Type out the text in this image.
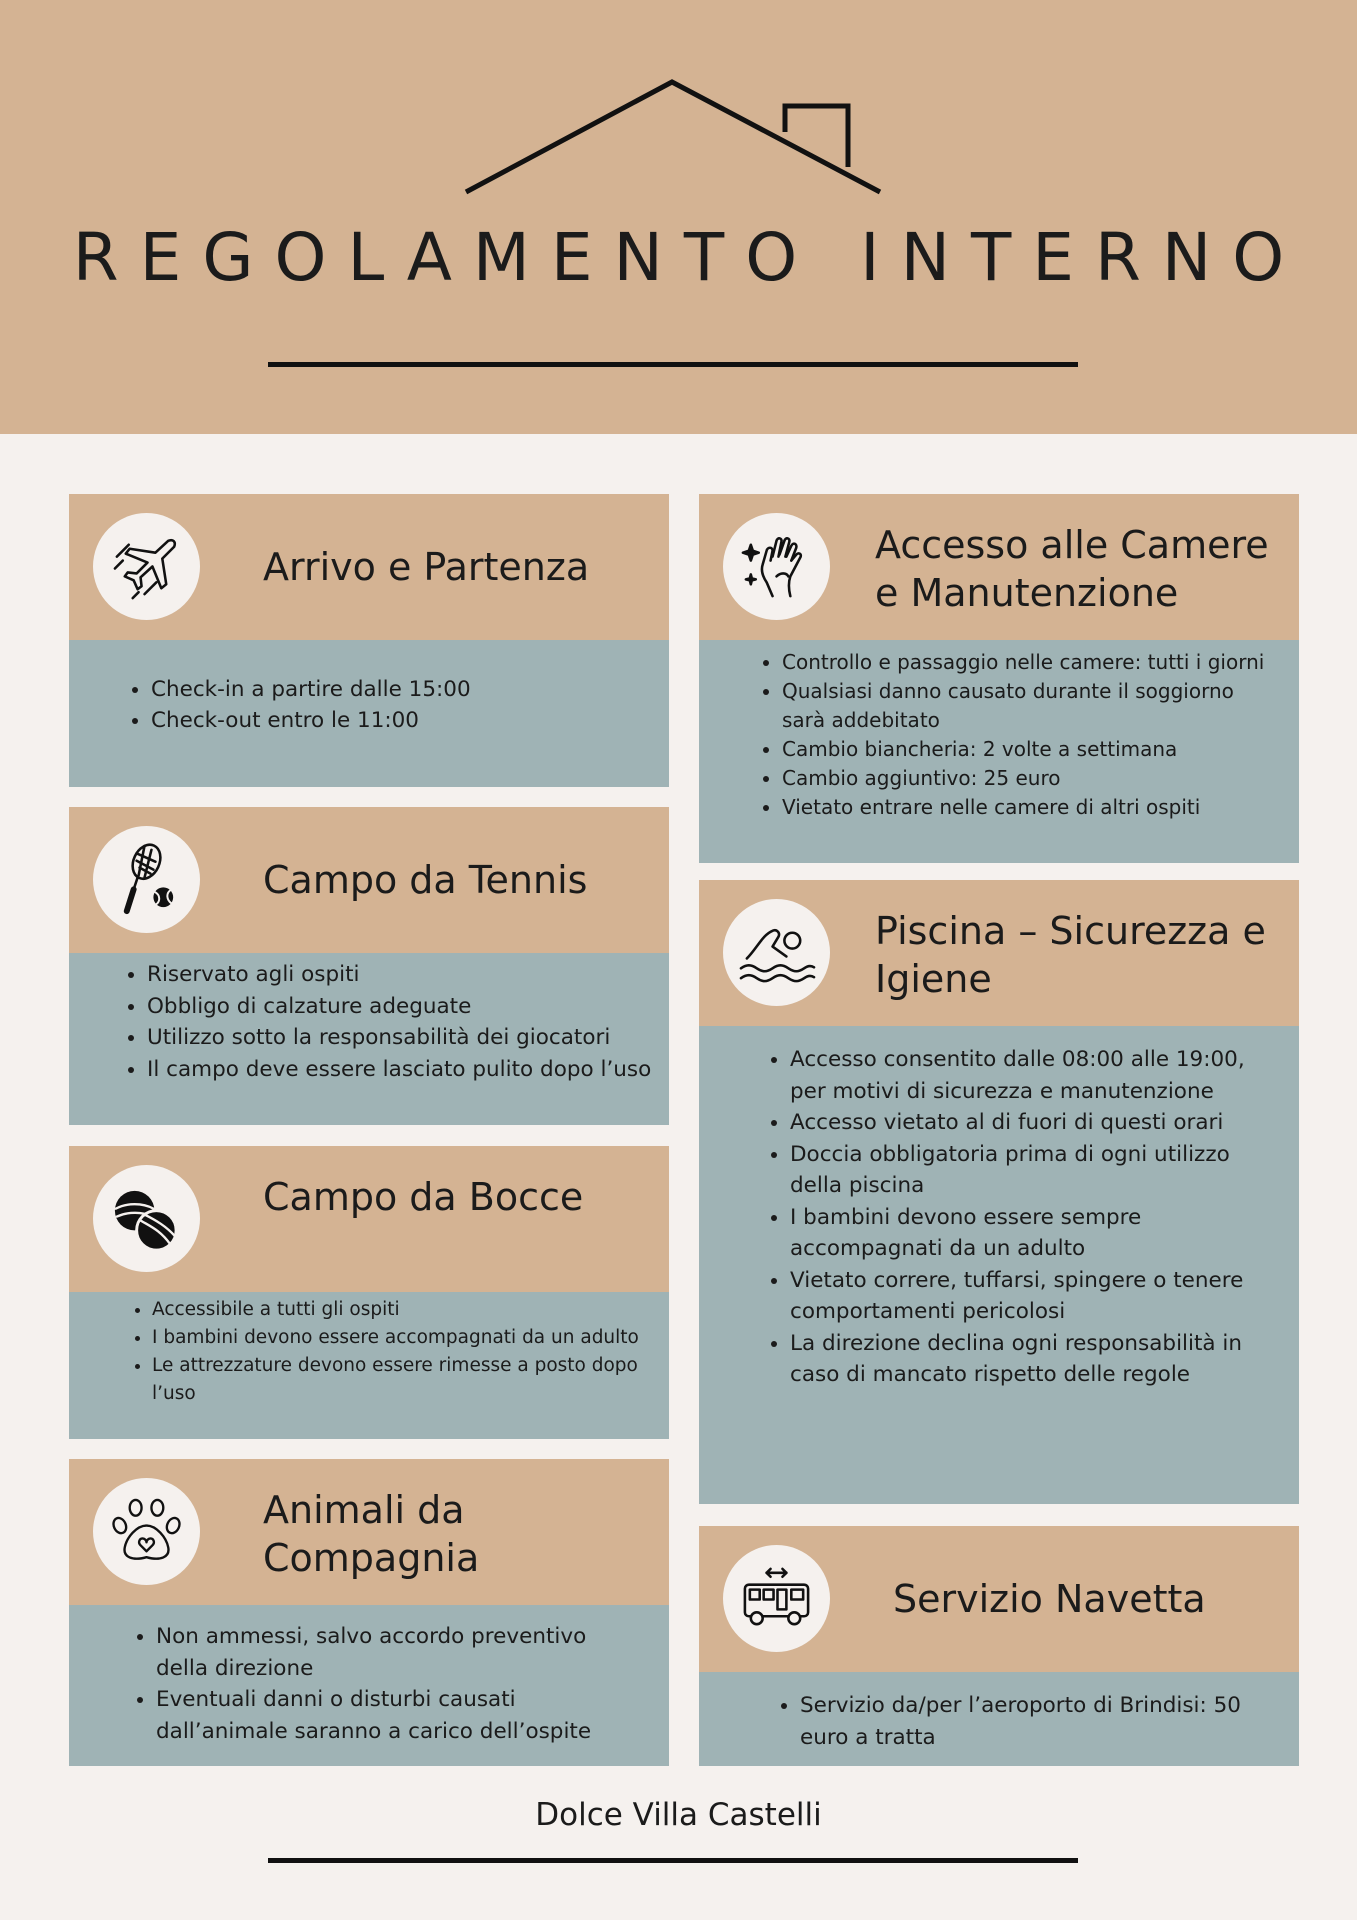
REGOLAMENTO INTERNO
Arrivo e Partenza
• Check-in a partire dalle 15:00
• Check-out entro le 11:00
Accesso alle Camere e Manutenzione
• Controllo e passaggio nelle camere: tutti i giorni
• Qualsiasi danno causato durante il soggiorno sarà addebitato
• Cambio biancheria: 2 volte a settimana
• Cambio aggiuntivo: 25 euro
• Vietato entrare nelle camere di altri ospiti
Campo da Tennis
• Riservato agli ospiti
• Obbligo di calzature adeguate
• Utilizzo sotto la responsabilità dei giocatori
• Il campo deve essere lasciato pulito dopo l’uso
Piscina – Sicurezza e Igiene
• Accesso consentito dalle 08:00 alle 19:00, per motivi di sicurezza e manutenzione
• Accesso vietato al di fuori di questi orari
• Doccia obbligatoria prima di ogni utilizzo della piscina
• I bambini devono essere sempre accompagnati da un adulto
• Vietato correre, tuffarsi, spingere o tenere comportamenti pericolosi
• La direzione declina ogni responsabilità in caso di mancato rispetto delle regole
Campo da Bocce
• Accessibile a tutti gli ospiti
• I bambini devono essere accompagnati da un adulto
• Le attrezzature devono essere rimesse a posto dopo l’uso
Servizio Navetta
• Servizio da/per l’aeroporto di Brindisi: 50 euro a tratta
Animali da Compagnia
• Non ammessi, salvo accordo preventivo della direzione
• Eventuali danni o disturbi causati dall’animale saranno a carico dell’ospite
Dolce Villa Castelli
